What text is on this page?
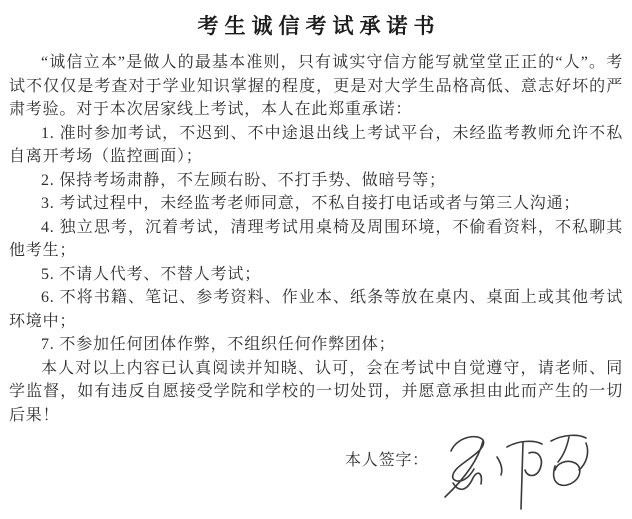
考生诚信考试承诺书

“诚信立本”是做人的最基本准则，只有诚实守信方能写就堂堂正正的“人”。考试不仅仅是考查对于学业知识掌握的程度，更是对大学生品格高低、意志好坏的严肃考验。对于本次居家线上考试，本人在此郑重承诺：

1. 准时参加考试，不迟到、不中途退出线上考试平台，未经监考教师允许不私自离开考场（监控画面）；

2. 保持考场肃静，不左顾右盼、不打手势、做暗号等；

3. 考试过程中，未经监考老师同意，不私自接打电话或者与第三人沟通；

4. 独立思考，沉着考试，清理考试用桌椅及周围环境，不偷看资料，不私聊其他考生；

5. 不请人代考、不替人考试；

6. 不将书籍、笔记、参考资料、作业本、纸条等放在桌内、桌面上或其他考试环境中；

7. 不参加任何团体作弊，不组织任何作弊团体；

本人对以上内容已认真阅读并知晓、认可，会在考试中自觉遵守，请老师、同学监督，如有违反自愿接受学院和学校的一切处罚，并愿意承担由此而产生的一切后果！

本人签字：
